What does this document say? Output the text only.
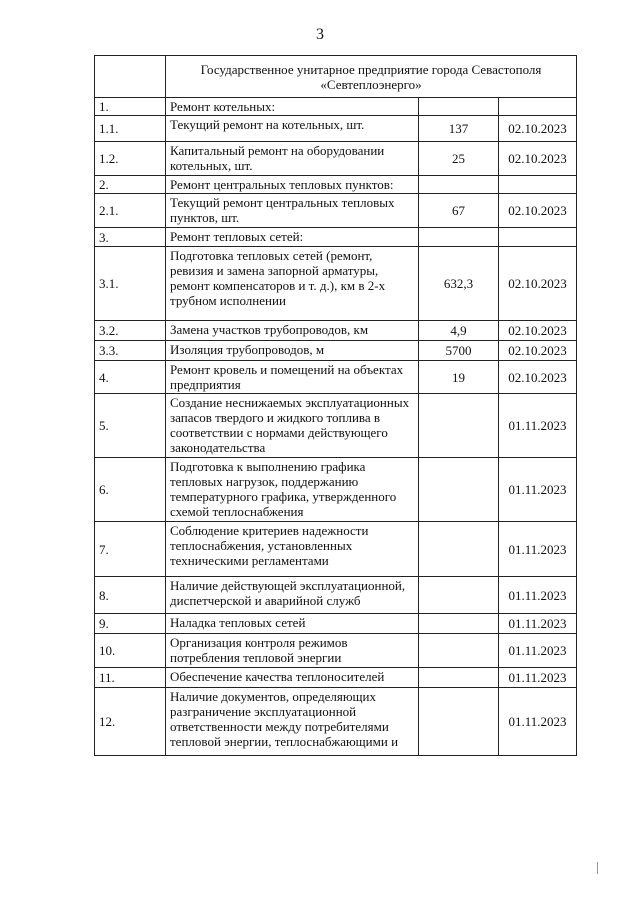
3

	Государственное унитарное предприятие города Севастополя
«Севтеплоэнерго»		

1.	Ремонт котельных:		
1.1.	Текущий ремонт на котельных, шт.	137	02.10.2023
1.2.	Капитальный ремонт на оборудовании котельных, шт.	25	02.10.2023
2.	Ремонт центральных тепловых пунктов:		
2.1.	Текущий ремонт центральных тепловых пунктов, шт.	67	02.10.2023
3.	Ремонт тепловых сетей:		
3.1.	Подготовка тепловых сетей (ремонт, ревизия и замена запорной арматуры, ремонт компенсаторов и т. д.), км в 2-х трубном исполнении	632,3	02.10.2023
3.2.	Замена участков трубопроводов, км	4,9	02.10.2023
3.3.	Изоляция трубопроводов, м	5700	02.10.2023
4.	Ремонт кровель и помещений на объектах предприятия	19	02.10.2023
5.	Создание неснижаемых эксплуатационных запасов твердого и жидкого топлива в соответствии с нормами действующего законодательства		01.11.2023
6.	Подготовка к выполнению графика тепловых нагрузок, поддержанию температурного графика, утвержденного схемой теплоснабжения		01.11.2023
7.	Соблюдение критериев надежности теплоснабжения, установленных техническими регламентами		01.11.2023
8.	Наличие действующей эксплуатационной, диспетчерской и аварийной служб		01.11.2023
9.	Наладка тепловых сетей		01.11.2023
10.	Организация контроля режимов потребления тепловой энергии		01.11.2023
11.	Обеспечение качества теплоносителей		01.11.2023
12.	Наличие документов, определяющих разграничение эксплуатационной ответственности между потребителями тепловой энергии, теплоснабжающими и		01.11.2023
